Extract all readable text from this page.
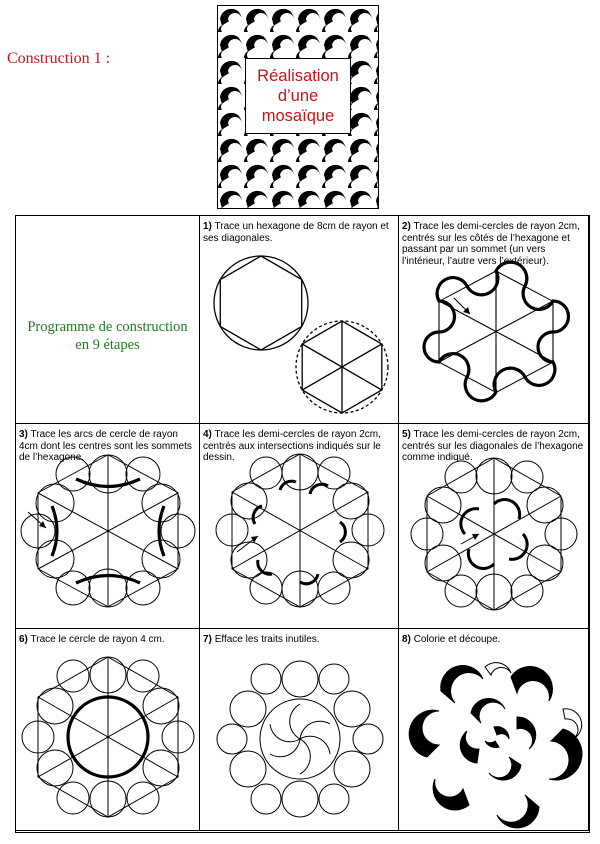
Construction 1 :
Réalisation
d’une
mosaïque
Programme de construction
en 9 étapes
1) Trace un hexagone de 8cm de rayon et ses diagonales.
2) Trace les demi-cercles de rayon 2cm, centrés sur les côtés de l’hexagone et passant par un sommet (un vers l’intérieur, l’autre vers l’extérieur).
3) Trace les arcs de cercle de rayon 4cm dont les centres sont les sommets de l’hexagone.
4) Trace les demi-cercles de rayon 2cm, centrés aux intersections indiqués sur le dessin.
5) Trace les demi-cercles de rayon 2cm, centrés sur les diagonales de l’hexagone comme indiqué.
6) Trace le cercle de rayon 4 cm.	7) Efface les traits inutiles.	8) Colorie et découpe.
